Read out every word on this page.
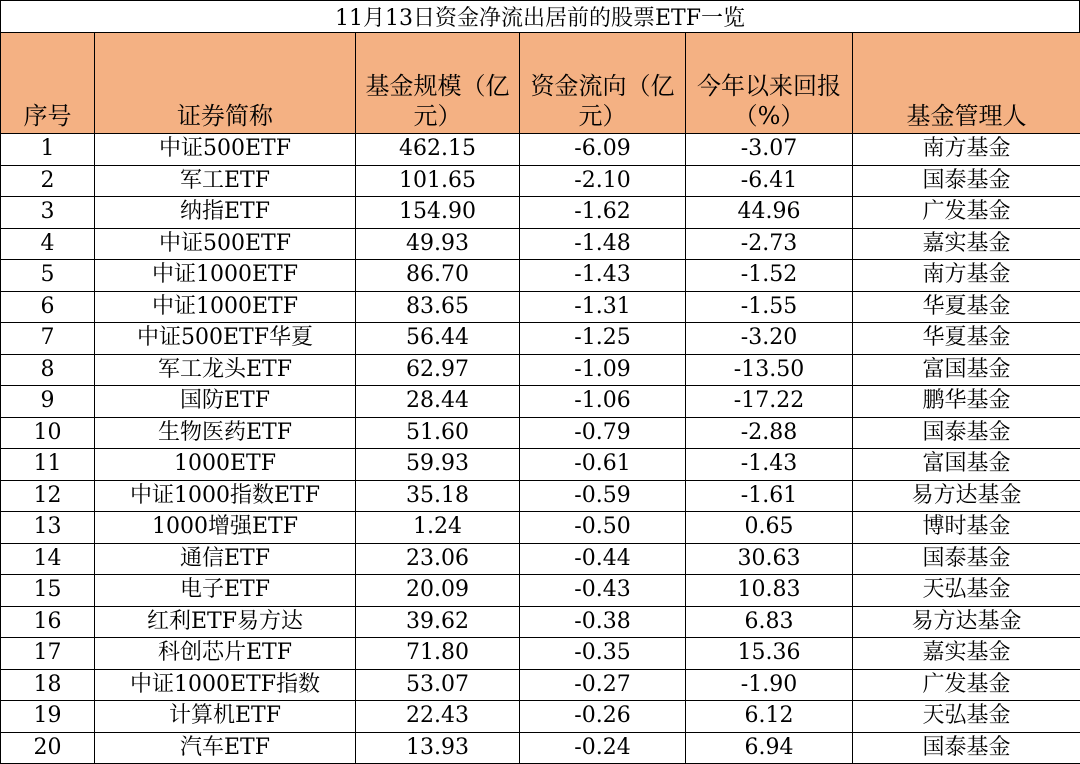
11月13日资金净流出居前的股票ETF一览
序号	证券简称	基金规模（亿元）	资金流向（亿元）	今年以来回报（%）	基金管理人
1	中证500ETF	462.15	-6.09	-3.07	南方基金
2	军工ETF	101.65	-2.10	-6.41	国泰基金
3	纳指ETF	154.90	-1.62	44.96	广发基金
4	中证500ETF	49.93	-1.48	-2.73	嘉实基金
5	中证1000ETF	86.70	-1.43	-1.52	南方基金
6	中证1000ETF	83.65	-1.31	-1.55	华夏基金
7	中证500ETF华夏	56.44	-1.25	-3.20	华夏基金
8	军工龙头ETF	62.97	-1.09	-13.50	富国基金
9	国防ETF	28.44	-1.06	-17.22	鹏华基金
10	生物医药ETF	51.60	-0.79	-2.88	国泰基金
11	1000ETF	59.93	-0.61	-1.43	富国基金
12	中证1000指数ETF	35.18	-0.59	-1.61	易方达基金
13	1000增强ETF	1.24	-0.50	0.65	博时基金
14	通信ETF	23.06	-0.44	30.63	国泰基金
15	电子ETF	20.09	-0.43	10.83	天弘基金
16	红利ETF易方达	39.62	-0.38	6.83	易方达基金
17	科创芯片ETF	71.80	-0.35	15.36	嘉实基金
18	中证1000ETF指数	53.07	-0.27	-1.90	广发基金
19	计算机ETF	22.43	-0.26	6.12	天弘基金
20	汽车ETF	13.93	-0.24	6.94	国泰基金
